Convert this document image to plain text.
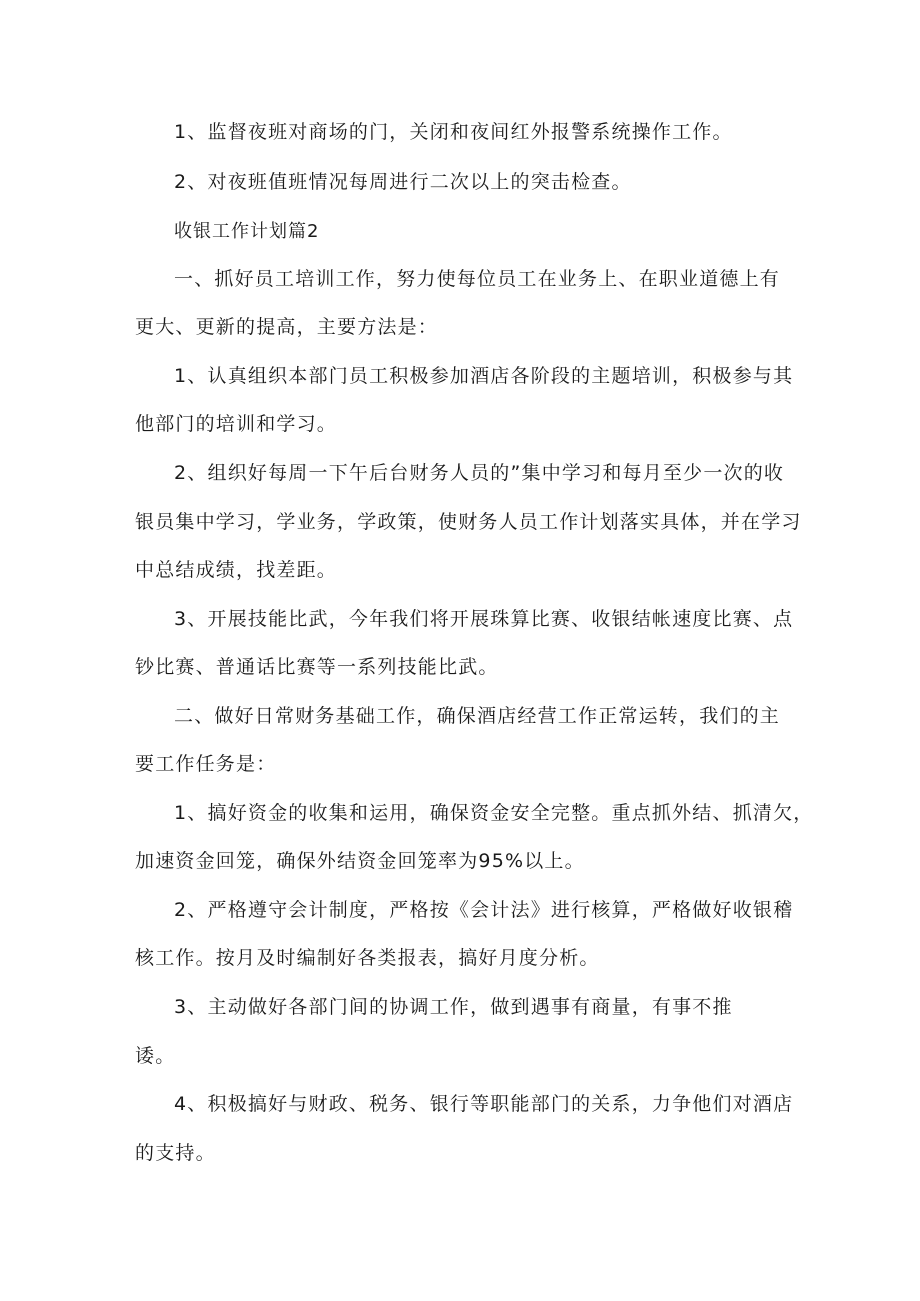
1、监督夜班对商场的门，关闭和夜间红外报警系统操作工作。

2、对夜班值班情况每周进行二次以上的突击检查。

收银工作计划篇2

一、抓好员工培训工作，努力使每位员工在业务上、在职业道德上有

更大、更新的提高，主要方法是：

1、认真组织本部门员工积极参加酒店各阶段的主题培训，积极参与其

他部门的培训和学习。

2、组织好每周一下午后台财务人员的”集中学习和每月至少一次的收

银员集中学习，学业务，学政策，使财务人员工作计划落实具体，并在学习

中总结成绩，找差距。

3、开展技能比武，今年我们将开展珠算比赛、收银结帐速度比赛、点

钞比赛、普通话比赛等一系列技能比武。

二、做好日常财务基础工作，确保酒店经营工作正常运转，我们的主

要工作任务是：

1、搞好资金的收集和运用，确保资金安全完整。重点抓外结、抓清欠，

加速资金回笼，确保外结资金回笼率为95%以上。

2、严格遵守会计制度，严格按《会计法》进行核算，严格做好收银稽

核工作。按月及时编制好各类报表，搞好月度分析。

3、主动做好各部门间的协调工作，做到遇事有商量，有事不推

诿。

4、积极搞好与财政、税务、银行等职能部门的关系，力争他们对酒店

的支持。
